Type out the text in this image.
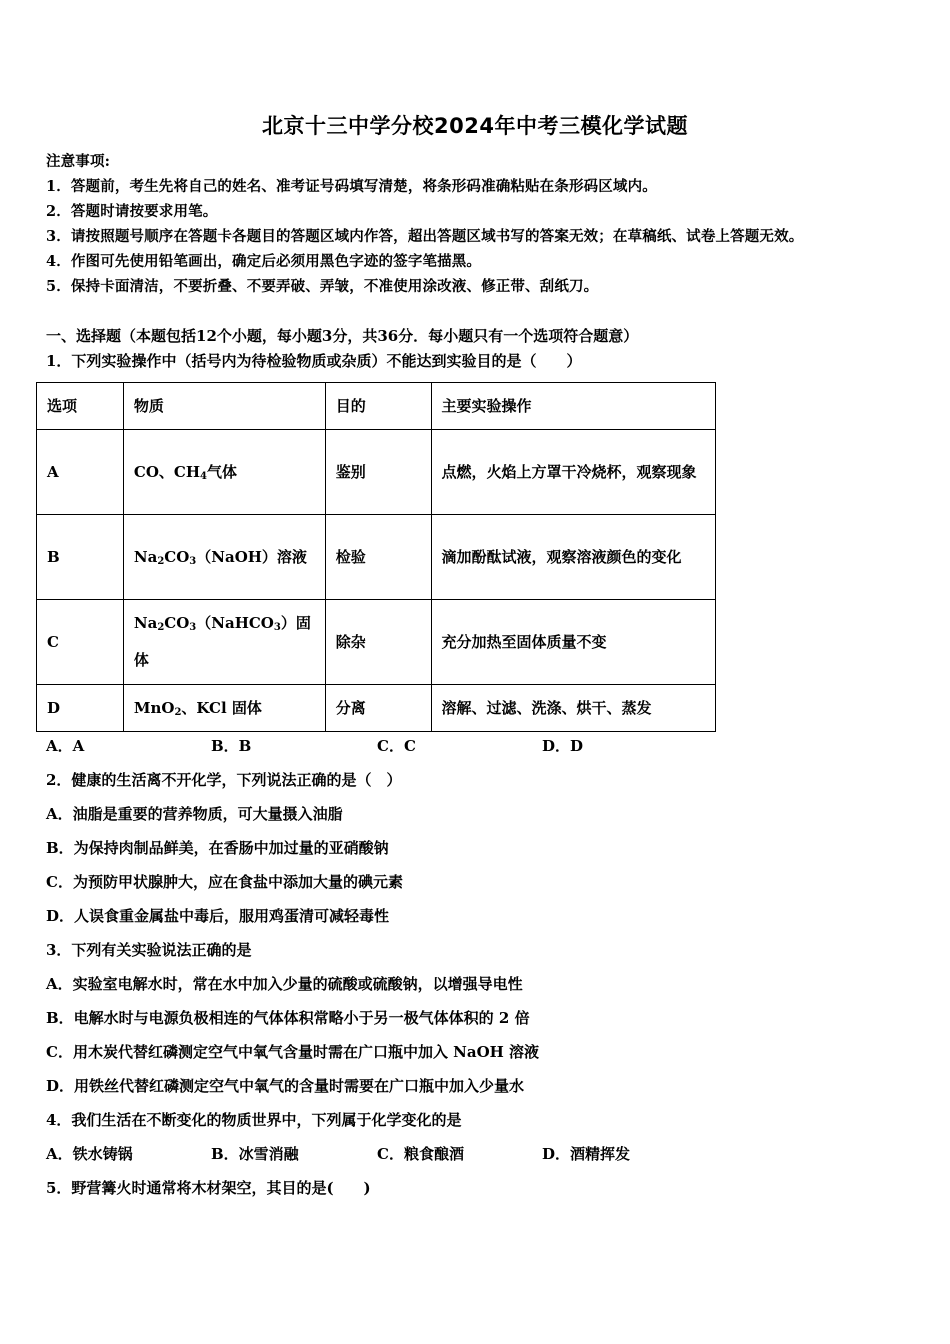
北京十三中学分校2024年中考三模化学试题
注意事项:
1．答题前，考生先将自己的姓名、准考证号码填写清楚，将条形码准确粘贴在条形码区域内。
2．答题时请按要求用笔。
3．请按照题号顺序在答题卡各题目的答题区域内作答，超出答题区域书写的答案无效；在草稿纸、试卷上答题无效。
4．作图可先使用铅笔画出，确定后必须用黑色字迹的签字笔描黑。
5．保持卡面清洁，不要折叠、不要弄破、弄皱，不准使用涂改液、修正带、刮纸刀。
一、选择题（本题包括12个小题，每小题3分，共36分．每小题只有一个选项符合题意）
1．下列实验操作中（括号内为待检验物质或杂质）不能达到实验目的是（　　）
选项	物质	目的	主要实验操作
A	CO、$CH_4$气体	鉴别	点燃，火焰上方罩干冷烧杯，观察现象
B	$Na_2CO_3(NaOH)$溶液	检验	滴加酚酞试液，观察溶液颜色的变化
C	$Na_2CO_3(NaHCO_3)$固体	除杂	充分加热至固体质量不变
D	MnO$_2$、KCl 固体	分离	溶解、过滤、洗涤、烘干、蒸发
A．A	B．B	C．C	D．D
2．健康的生活离不开化学，下列说法正确的是（　）
A．油脂是重要的营养物质，可大量摄入油脂
B．为保持肉制品鲜美，在香肠中加过量的亚硝酸钠
C．为预防甲状腺肿大，应在食盐中添加大量的碘元素
D．人误食重金属盐中毒后，服用鸡蛋清可减轻毒性
3．下列有关实验说法正确的是
A．实验室电解水时，常在水中加入少量的硫酸或硫酸钠，以增强导电性
B．电解水时与电源负极相连的气体体积常略小于另一极气体体积的 2 倍
C．用木炭代替红磷测定空气中氧气含量时需在广口瓶中加入 NaOH 溶液
D．用铁丝代替红磷测定空气中氧气的含量时需要在广口瓶中加入少量水
4．我们生活在不断变化的物质世界中，下列属于化学变化的是
A．铁水铸锅	B．冰雪消融	C．粮食酿酒	D．酒精挥发
5．野营篝火时通常将木材架空，其目的是(　　)
